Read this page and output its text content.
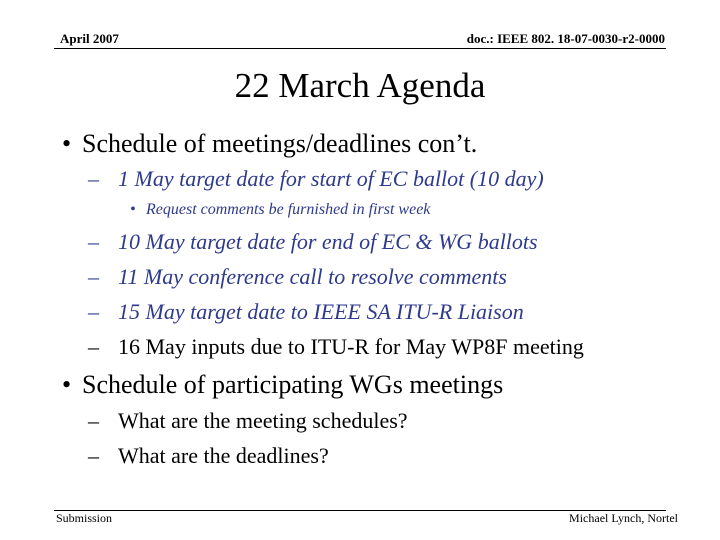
April 2007	doc.: IEEE 802. 18-07-0030-r2-0000
22 March Agenda
• Schedule of meetings/deadlines con’t.
– 1 May target date for start of EC ballot (10 day)
• Request comments be furnished in first week
– 10 May target date for end of EC & WG ballots
– 11 May conference call to resolve comments
– 15 May target date to IEEE SA ITU-R Liaison
– 16 May inputs due to ITU-R for May WP8F meeting
• Schedule of participating WGs meetings
– What are the meeting schedules?
– What are the deadlines?
Submission	Michael Lynch, Nortel
